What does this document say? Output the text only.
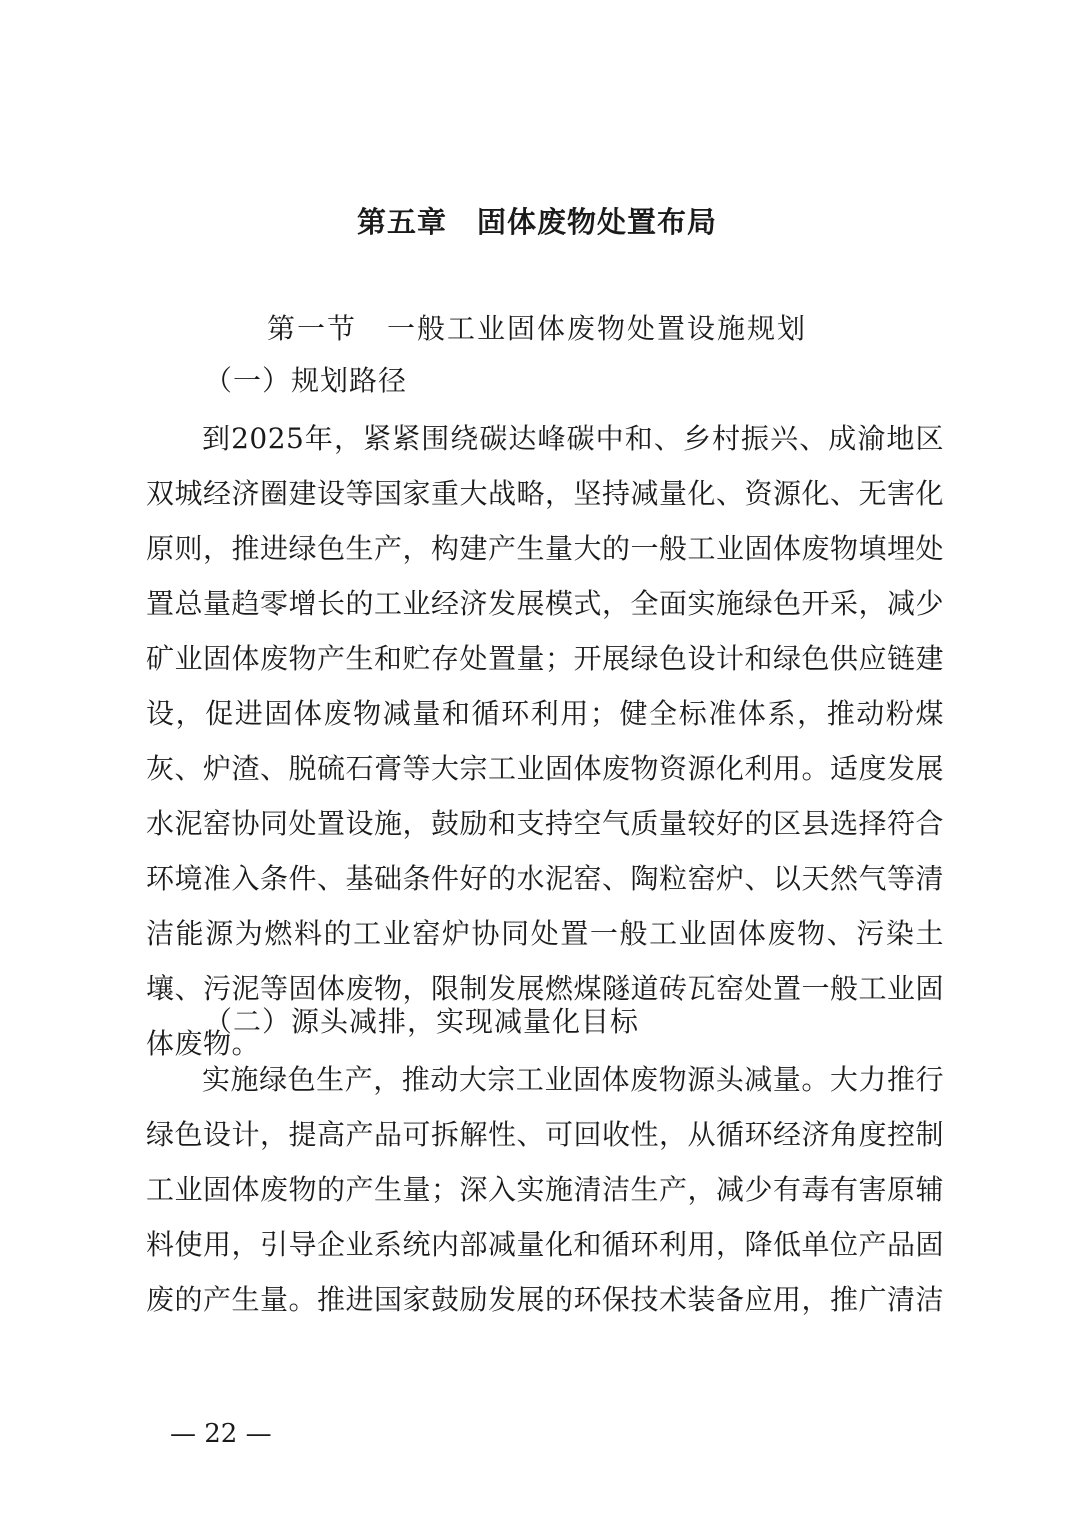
第五章　固体废物处置布局
第一节　一般工业固体废物处置设施规划
（一）规划路径

到2025年，紧紧围绕碳达峰碳中和、乡村振兴、成渝地区双城经济圈建设等国家重大战略，坚持减量化、资源化、无害化原则，推进绿色生产，构建产生量大的一般工业固体废物填埋处置总量趋零增长的工业经济发展模式，全面实施绿色开采，减少矿业固体废物产生和贮存处置量；开展绿色设计和绿色供应链建设，促进固体废物减量和循环利用；健全标准体系，推动粉煤灰、炉渣、脱硫石膏等大宗工业固体废物资源化利用。适度发展水泥窑协同处置设施，鼓励和支持空气质量较好的区县选择符合环境准入条件、基础条件好的水泥窑、陶粒窑炉、以天然气等清洁能源为燃料的工业窑炉协同处置一般工业固体废物、污染土壤、污泥等固体废物，限制发展燃煤隧道砖瓦窑处置一般工业固体废物。

（二）源头减排，实现减量化目标

实施绿色生产，推动大宗工业固体废物源头减量。大力推行绿色设计，提高产品可拆解性、可回收性，从循环经济角度控制工业固体废物的产生量；深入实施清洁生产，减少有毒有害原辅料使用，引导企业系统内部减量化和循环利用，降低单位产品固废的产生量。推进国家鼓励发展的环保技术装备应用，推广清洁

— 22 —
